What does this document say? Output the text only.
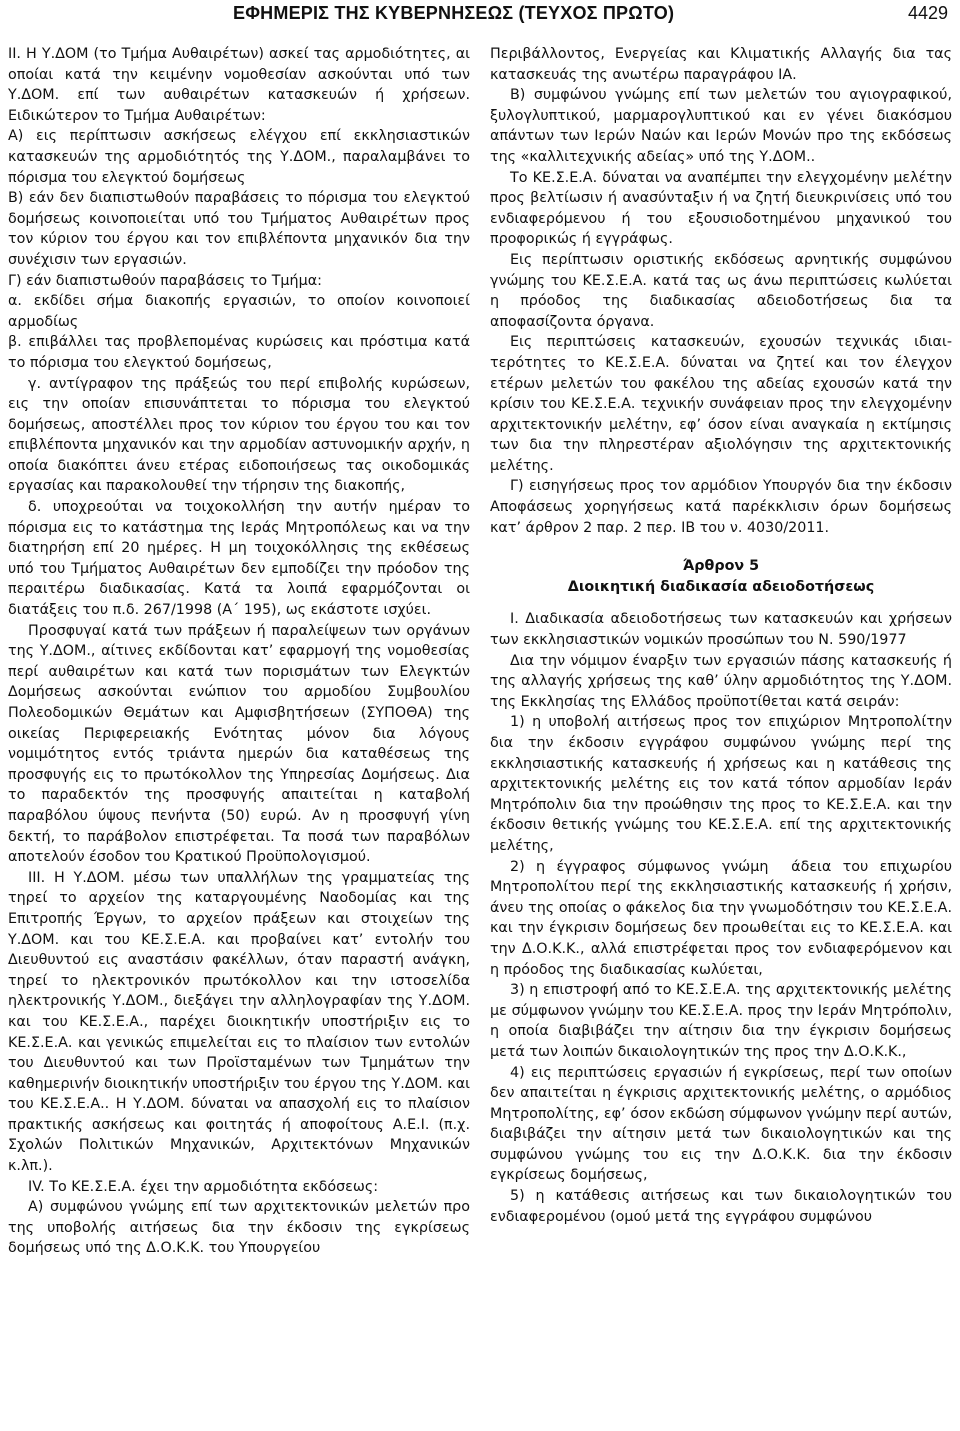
ΕΦΗΜΕΡΙΣ ΤΗΣ ΚΥΒΕΡΝΗΣΕΩΣ (ΤΕΥΧΟΣ ΠΡΩΤΟ)	4429

ΙΙ. Η Υ.ΔΟΜ (το Τμήμα Αυθαιρέτων) ασκεί τας αρμοδιότητες, αι οποίαι κατά την κειμένην νομοθεσίαν ασκούνται υπό των Υ.ΔΟΜ. επί των αυθαιρέτων κατασκευών ή χρήσεων. Ειδικώτερον το Τμήμα Αυθαιρέτων:

Α) εις περίπτωσιν ασκήσεως ελέγχου επί εκκλησιαστικών κατασκευών της αρμοδιότητός της Υ.ΔΟΜ., παραλαμβάνει το πόρισμα του ελεγκτού δομήσεως

Β) εάν δεν διαπιστωθούν παραβάσεις το πόρισμα του ελεγκτού δομήσεως κοινοποιείται υπό του Τμήματος Αυθαιρέτων προς τον κύριον του έργου και τον επιβλέποντα μηχανικόν δια την συνέχισιν των εργασιών.

Γ) εάν διαπιστωθούν παραβάσεις το Τμήμα:

α. εκδίδει σήμα διακοπής εργασιών, το οποίον κοινοποιεί αρμοδίως

β. επιβάλλει τας προβλεπομένας κυρώσεις και πρόστιμα κατά το πόρισμα του ελεγκτού δομήσεως,

γ. αντίγραφον της πράξεώς του περί επιβολής κυρώσεων, εις την οποίαν επισυνάπτεται το πόρισμα του ελεγκτού δομήσεως, αποστέλλει προς τον κύριον του έργου του και τον επιβλέποντα μηχανικόν και την αρμοδίαν αστυνομικήν αρχήν, η οποία διακόπτει άνευ ετέρας ειδοποιήσεως τας οικοδομικάς εργασίας και παρακολουθεί την τήρησιν της διακοπής,

δ. υποχρεούται να τοιχοκολλήση την αυτήν ημέραν το πόρισμα εις το κατάστημα της Ιεράς Μητροπόλεως και να την διατηρήση επί 20 ημέρες. Η μη τοιχοκόλλησις της εκθέσεως υπό του Τμήματος Αυθαιρέτων δεν εμποδίζει την πρόοδον της περαιτέρω διαδικασίας. Κατά τα λοιπά εφαρμόζονται οι διατάξεις του π.δ. 267/1998 (Α΄ 195), ως εκάστοτε ισχύει.

Προσφυγαί κατά των πράξεων ή παραλείψεων των οργάνων της Υ.ΔΟΜ., αίτινες εκδίδονται κατ’ εφαρμογή της νομοθεσίας περί αυθαιρέτων και κατά των πορισμάτων των Ελεγκτών Δομήσεως ασκούνται ενώπιον του αρμοδίου Συμβουλίου Πολεοδομικών Θεμάτων και Αμφισβητήσεων (ΣΥΠΟΘΑ) της οικείας Περιφερειακής Ενότητας μόνον δια λόγους νομιμότητος εντός τριάντα ημερών δια καταθέσεως της προσφυγής εις το πρωτόκολλον της Υπηρεσίας Δομήσεως. Δια το παραδεκτόν της προσφυγής απαιτείται η καταβολή παραβόλου ύψους πενήντα (50) ευρώ. Αν η προσφυγή γίνη δεκτή, το παράβολον επιστρέφεται. Τα ποσά των παραβόλων αποτελούν έσοδον του Κρατικού Προϋπολογισμού.

ΙΙΙ. Η Υ.ΔΟΜ. μέσω των υπαλλήλων της γραμματείας της τηρεί το αρχείον της καταργουμένης Ναοδομίας και της Επιτροπής Έργων, το αρχείον πράξεων και στοιχείων της Υ.ΔΟΜ. και του ΚΕ.Σ.Ε.Α. και προβαίνει κατ’ εντολήν του Διευθυντού εις αναστάσιν φακέλλων, όταν παραστή ανάγκη, τηρεί το ηλεκτρονικόν πρωτόκολλον και την ιστοσελίδα ηλεκτρονικής Υ.ΔΟΜ., διεξάγει την αλληλογραφίαν της Υ.ΔΟΜ. και του ΚΕ.Σ.Ε.Α., παρέχει διοικητικήν υποστήριξιν εις το ΚΕ.Σ.Ε.Α. και γενικώς επιμελείται εις το πλαίσιον των εντολών του Διευθυντού και των Προϊσταμένων των Τμημάτων την καθημερινήν διοικητικήν υποστήριξιν του έργου της Υ.ΔΟΜ. και του ΚΕ.Σ.Ε.Α.. Η Υ.ΔΟΜ. δύναται να απασχολή εις το πλαίσιον πρακτικής ασκήσεως και φοιτητάς ή αποφοίτους Α.Ε.Ι. (π.χ. Σχολών Πολιτικών Μηχανικών, Αρχιτεκτόνων Μηχανικών κ.λπ.).

IV. Το ΚΕ.Σ.Ε.Α. έχει την αρμοδιότητα εκδόσεως:

Α) συμφώνου γνώμης επί των αρχιτεκτονικών μελετών προ της υποβολής αιτήσεως δια την έκδοσιν της εγκρίσεως δομήσεως υπό της Δ.Ο.Κ.Κ. του Υπουργείου

Περιβάλλοντος, Ενεργείας και Κλιματικής Αλλαγής δια τας κατασκευάς της ανωτέρω παραγράφου ΙΑ.

Β) συμφώνου γνώμης επί των μελετών του αγιογραφικού, ξυλογλυπτικού, μαρμαρογλυπτικού και εν γένει διακόσμου απάντων των Ιερών Ναών και Ιερών Μονών προ της εκδόσεως της «καλλιτεχνικής αδείας» υπό της Υ.ΔΟΜ..

Το ΚΕ.Σ.Ε.Α. δύναται να αναπέμπει την ελεγχομένην μελέτην προς βελτίωσιν ή ανασύνταξιν ή να ζητή διευκρινίσεις υπό του ενδιαφερόμενου ή του εξουσιοδοτημένου μηχανικού του προφορικώς ή εγγράφως.

Εις περίπτωσιν οριστικής εκδόσεως αρνητικής συμφώνου γνώμης του ΚΕ.Σ.Ε.Α. κατά τας ως άνω περιπτώσεις κωλύεται η πρόοδος της διαδικασίας αδειοδοτήσεως δια τα αποφασίζοντα όργανα.

Εις περιπτώσεις κατασκευών, εχουσών τεχνικάς ιδιαιτερότητες το ΚΕ.Σ.Ε.Α. δύναται να ζητεί και τον έλεγχον ετέρων μελετών του φακέλου της αδείας εχουσών κατά την κρίσιν του ΚΕ.Σ.Ε.Α. τεχνικήν συνάφειαν προς την ελεγχομένην αρχιτεκτονικήν μελέτην, εφ’ όσον είναι αναγκαία η εκτίμησις των δια την πληρεστέραν αξιολόγησιν της αρχιτεκτονικής μελέτης.

Γ) εισηγήσεως προς τον αρμόδιον Υπουργόν δια την έκδοσιν Αποφάσεως χορηγήσεως κατά παρέκκλισιν όρων δομήσεως κατ’ άρθρον 2 παρ. 2 περ. ΙΒ του ν. 4030/2011.

Άρθρον 5

Διοικητική διαδικασία αδειοδοτήσεως

Ι. Διαδικασία αδειοδοτήσεως των κατασκευών και χρήσεων των εκκλησιαστικών νομικών προσώπων του Ν. 590/1977

Δια την νόμιμον έναρξιν των εργασιών πάσης κατασκευής ή της αλλαγής χρήσεως της καθ’ ύλην αρμοδιότητος της Υ.ΔΟΜ. της Εκκλησίας της Ελλάδος προϋποτίθεται κατά σειράν:

1) η υποβολή αιτήσεως προς τον επιχώριον Μητροπολίτην δια την έκδοσιν εγγράφου συμφώνου γνώμης περί της εκκλησιαστικής κατασκευής ή χρήσεως και η κατάθεσις της αρχιτεκτονικής μελέτης εις τον κατά τόπον αρμοδίαν Ιεράν Μητρόπολιν δια την προώθησιν της προς το ΚΕ.Σ.Ε.Α. και την έκδοσιν θετικής γνώμης του ΚΕ.Σ.Ε.Α. επί της αρχιτεκτονικής μελέτης,

2) η έγγραφος σύμφωνος γνώμη άδεια του επιχωρίου Μητροπολίτου περί της εκκλησιαστικής κατασκευής ή χρήσιν, άνευ της οποίας ο φάκελος δια την γνωμοδότησιν του ΚΕ.Σ.Ε.Α. και την έγκρισιν δομήσεως δεν προωθείται εις το ΚΕ.Σ.Ε.Α. και την Δ.Ο.Κ.Κ., αλλά επιστρέφεται προς τον ενδιαφερόμενον και η πρόοδος της διαδικασίας κωλύεται,

3) η επιστροφή από το ΚΕ.Σ.Ε.Α. της αρχιτεκτονικής μελέτης με σύμφωνον γνώμην του ΚΕ.Σ.Ε.Α. προς την Ιεράν Μητρόπολιν, η οποία διαβιβάζει την αίτησιν δια την έγκρισιν δομήσεως μετά των λοιπών δικαιολογητικών της προς την Δ.Ο.Κ.Κ.,

4) εις περιπτώσεις εργασιών ή εγκρίσεως, περί των οποίων δεν απαιτείται η έγκρισις αρχιτεκτονικής μελέτης, ο αρμόδιος Μητροπολίτης, εφ’ όσον εκδώση σύμφωνον γνώμην περί αυτών, διαβιβάζει την αίτησιν μετά των δικαιολογητικών και της συμφώνου γνώμης του εις την Δ.Ο.Κ.Κ. δια την έκδοσιν εγκρίσεως δομήσεως,

5) η κατάθεσις αιτήσεως και των δικαιολογητικών του ενδιαφερομένου (ομού μετά της εγγράφου συμφώνου
